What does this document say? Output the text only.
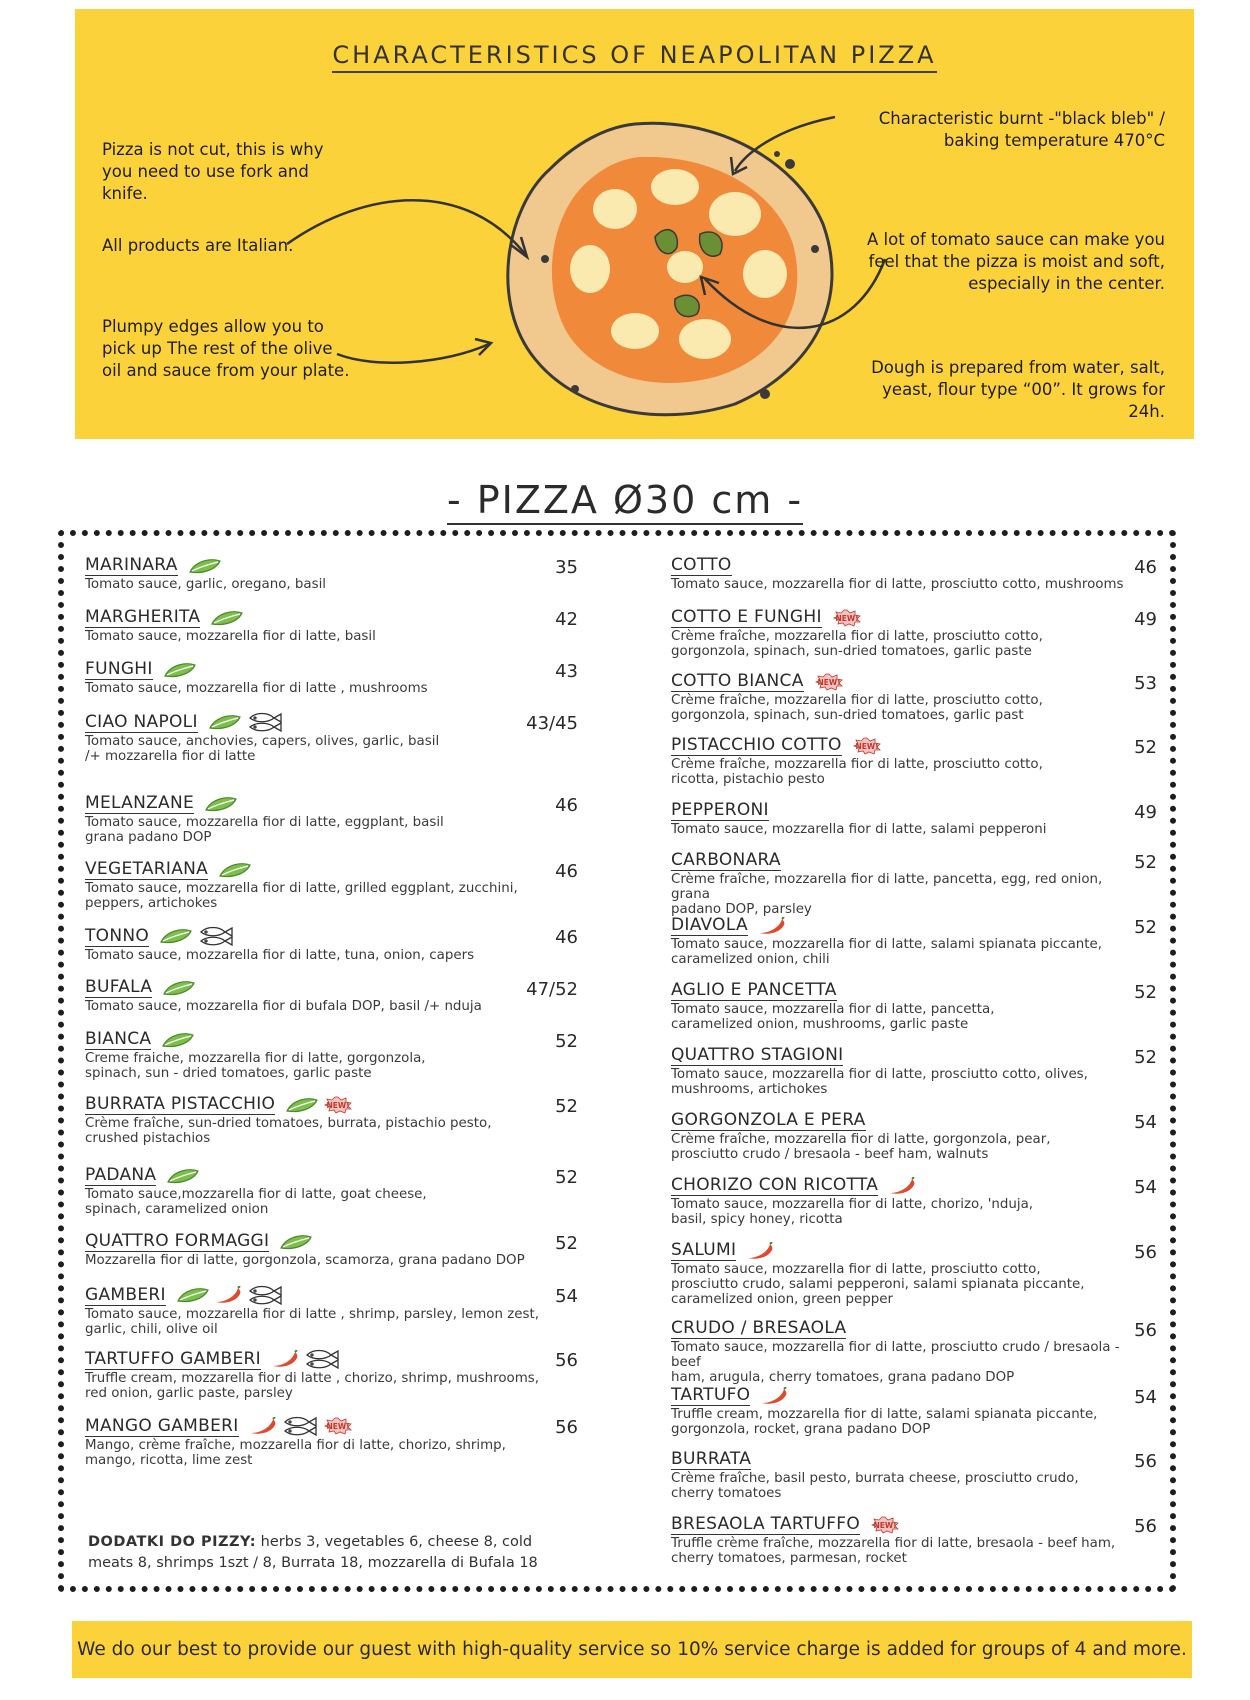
CHARACTERISTICS OF NEAPOLITAN PIZZA
Pizza is not cut, this is why you need to use fork and knife.
All products are Italian.
Plumpy edges allow you to pick up The rest of the olive oil and sauce from your plate.
Characteristic burnt -"black bleb" / baking temperature 470°C
A lot of tomato sauce can make you feel that the pizza is moist and soft, especially in the center.
Dough is prepared from water, salt, yeast, flour type “00”. It grows for 24h.
- PIZZA Ø30 cm -
MARINARA
Tomato sauce, garlic, oregano, basil
35
MARGHERITA
Tomato sauce, mozzarella fior di latte, basil
42
FUNGHI
Tomato sauce, mozzarella fior di latte , mushrooms
43
CIAO NAPOLI
Tomato sauce, anchovies, capers, olives, garlic, basil
/+ mozzarella fior di latte
43/45
MELANZANE
Tomato sauce, mozzarella fior di latte, eggplant, basil
grana padano DOP
46
VEGETARIANA
Tomato sauce, mozzarella fior di latte, grilled eggplant, zucchini,
peppers, artichokes
46
TONNO
Tomato sauce, mozzarella fior di latte, tuna, onion, capers
46
BUFALA
Tomato sauce, mozzarella fior di bufala DOP, basil /+ nduja
47/52
BIANCA
Creme fraiche, mozzarella fior di latte, gorgonzola,
spinach, sun - dried tomatoes, garlic paste
52
BURRATA PISTACCHIO	NEW!
Crème fraîche, sun-dried tomatoes, burrata, pistachio pesto,
crushed pistachios
52
PADANA
Tomato sauce,mozzarella fior di latte, goat cheese,
spinach, caramelized onion
52
QUATTRO FORMAGGI
Mozzarella fior di latte, gorgonzola, scamorza, grana padano DOP
52
GAMBERI
Tomato sauce, mozzarella fior di latte , shrimp, parsley, lemon zest,
garlic, chili, olive oil
54
TARTUFFO GAMBERI
Truffle cream, mozzarella fior di latte , chorizo, shrimp, mushrooms,
red onion, garlic paste, parsley
56
MANGO GAMBERI	NEW!
Mango, crème fraîche, mozzarella fior di latte, chorizo, shrimp,
mango, ricotta, lime zest
56
COTTO
Tomato sauce, mozzarella fior di latte, prosciutto cotto, mushrooms
46
COTTO E FUNGHI NEW!
Crème fraîche, mozzarella fior di latte, prosciutto cotto,
gorgonzola, spinach, sun-dried tomatoes, garlic paste
49
COTTO BIANCA NEW!
Crème fraîche, mozzarella fior di latte, prosciutto cotto,
gorgonzola, spinach, sun-dried tomatoes, garlic past
53
PISTACCHIO COTTO NEW!
Crème fraîche, mozzarella fior di latte, prosciutto cotto,
ricotta, pistachio pesto
52
PEPPERONI
Tomato sauce, mozzarella fior di latte, salami pepperoni
49
CARBONARA
Crème fraîche, mozzarella fior di latte, pancetta, egg, red onion, grana
padano DOP, parsley
52
DIAVOLA
Tomato sauce, mozzarella fior di latte, salami spianata piccante,
caramelized onion, chili
52
AGLIO E PANCETTA
Tomato sauce, mozzarella fior di latte, pancetta,
caramelized onion, mushrooms, garlic paste
52
QUATTRO STAGIONI
Tomato sauce, mozzarella fior di latte, prosciutto cotto, olives,
mushrooms, artichokes
52
GORGONZOLA E PERA
Crème fraîche, mozzarella fior di latte, gorgonzola, pear,
prosciutto crudo / bresaola - beef ham, walnuts
54
CHORIZO CON RICOTTA
Tomato sauce, mozzarella fior di latte, chorizo, 'nduja,
basil, spicy honey, ricotta
54
SALUMI
Tomato sauce, mozzarella fior di latte, prosciutto cotto,
prosciutto crudo, salami pepperoni, salami spianata piccante,
caramelized onion, green pepper
56
CRUDO / BRESAOLA
Tomato sauce, mozzarella fior di latte, prosciutto crudo / bresaola - beef
ham, arugula, cherry tomatoes, grana padano DOP
56
TARTUFO
Truffle cream, mozzarella fior di latte, salami spianata piccante,
gorgonzola, rocket, grana padano DOP
54
BURRATA
Crème fraîche, basil pesto, burrata cheese, prosciutto crudo,
cherry tomatoes
56
BRESAOLA TARTUFFO NEW!
Truffle crème fraîche, mozzarella fior di latte, bresaola - beef ham,
cherry tomatoes, parmesan, rocket
56
DODATKI DO PIZZY: herbs 3, vegetables 6, cheese 8, cold meats 8, shrimps 1szt / 8, Burrata 18, mozzarella di Bufala 18
We do our best to provide our guest with high-quality service so 10% service charge is added for groups of 4 and more.
